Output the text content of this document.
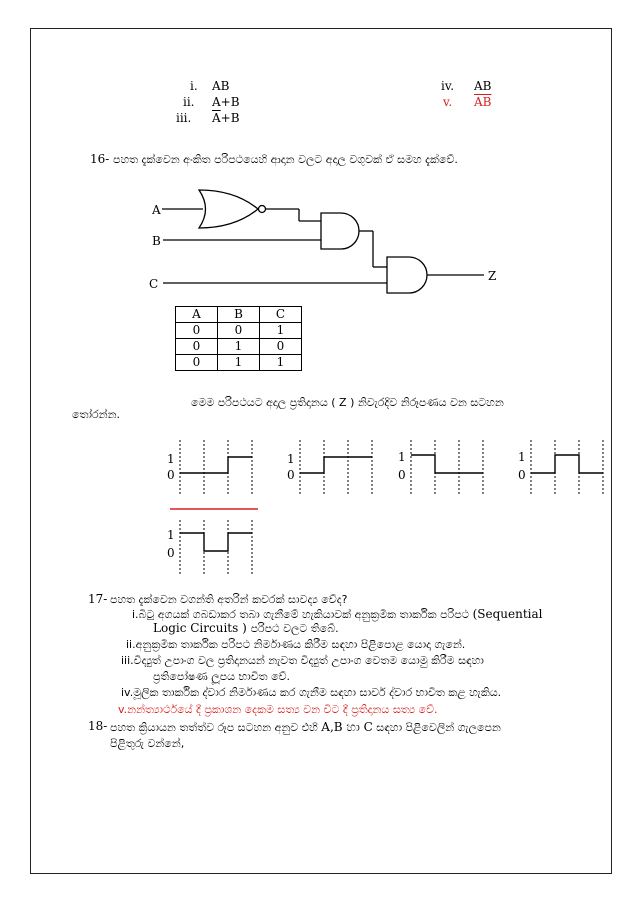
i. AB
ii. A+B
iii. $\overline{A}+B$
iv. AB
v. $\overline{AB}$
16- පහත දැක්වෙන අංකිත පරිපථයෙහි ආදාන වලට අදාල වගුවක් ඒ සමහ දැක්වේ.
A
B
C
Z
A	B	C
0	0	1
0	1	0
0	1	1
මෙම පරිපථයට අදාල ප්‍රතිදානය ( Z ) නිවැරදිව නිරූපණය වන සටහන
තෝරන්න.
1
0
1
0
1
0
1
0
1
0
17- පහත දැක්වෙන වගන්ති අතරින් කවරක් සාවද්‍ය වේද?
i.බිටු අගයක් ගබඩාකර තබා ගැනීමේ හැකියාවක් අනුක්‍රමික තාර්කික පරිපථ (Sequential
Logic Circuits ) පරිපථ වලට තිබේ.
ii.අනුක්‍රමික තාර්කික පරිපථ නිර්මාණය කිරීම සඳහා පිළිපොළ යොදා ගැනේ.
iii.විද්‍යුත් උපාංග වල ප්‍රතිදානයන් නැවත විද්‍යුත් උපාංග වෙතම යොමු කිරීම සඳහා
ප්‍රතිපෝෂණ ලූපය භාවිත වේ.
iv.මූලික තාර්කික ද්වාර නිර්මාණය කර ගැනීම සඳහා සාර්ව ද්වාර භාවිත කළ හැකිය.
v.නන්ත්‍යාර්ථයේ දී ප්‍රකාශන දෙකම සත්‍ය වන විට දී ප්‍රතිදානය සත්‍ය වේ.
18- පහත ක්‍රියායන තත්ත්ව රූප සටහන අනුව එහි A,B හා C සඳහා පිළිවෙලින් ගැලපෙන
පිළිතුරු වන්නේ,
